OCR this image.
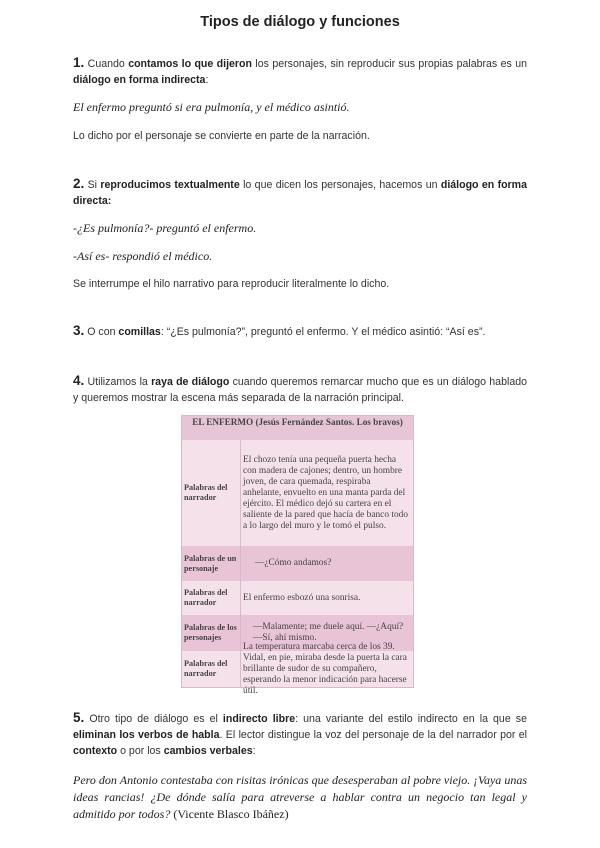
Tipos de diálogo y funciones
1. Cuando contamos lo que dijeron los personajes, sin reproducir sus propias palabras es un diálogo en forma indirecta:
El enfermo preguntó si era pulmonía, y el médico asintió.
Lo dicho por el personaje se convierte en parte de la narración.
2. Si reproducimos textualmente lo que dicen los personajes, hacemos un diálogo en forma directa:
-¿Es pulmonía?- preguntó el enfermo.
-Así es- respondió el médico.
Se interrumpe el hilo narrativo para reproducir literalmente lo dicho.
3. O con comillas: “¿Es pulmonía?”, preguntó el enfermo. Y el médico asintió: “Así es”.
4. Utilizamos la raya de diálogo cuando queremos remarcar mucho que es un diálogo hablado y queremos mostrar la escena más separada de la narración principal.
EL ENFERMO (Jesús Fernández Santos. Los bravos)
Palabras del narrador
El chozo tenía una pequeña puerta hecha con madera de cajones; dentro, un hombre joven, de cara quemada, respiraba anhelante, envuelto en una manta parda del ejército. El médico dejó su cartera en el saliente de la pared que hacía de banco todo a lo largo del muro y le tomó el pulso.
Palabras de un personaje	—¿Cómo andamos?
Palabras del narrador	El enfermo esbozó una sonrisa.
Palabras de los personajes
—Malamente; me duele aquí. —¿Aquí? —Sí, ahí mismo.
Palabras del narrador
Vidal, en pie, miraba desde la puerta la cara brillante de sudor de su compañero, esperando la menor indicación para hacerse útil.
5. Otro tipo de diálogo es el indirecto libre: una variante del estilo indirecto en la que se eliminan los verbos de habla. El lector distingue la voz del personaje de la del narrador por el contexto o por los cambios verbales:
Pero don Antonio contestaba con risitas irónicas que desesperaban al pobre viejo. ¡Vaya unas ideas rancias! ¿De dónde salía para atreverse a hablar contra un negocio tan legal y admitido por todos? (Vicente Blasco Ibáñez)
